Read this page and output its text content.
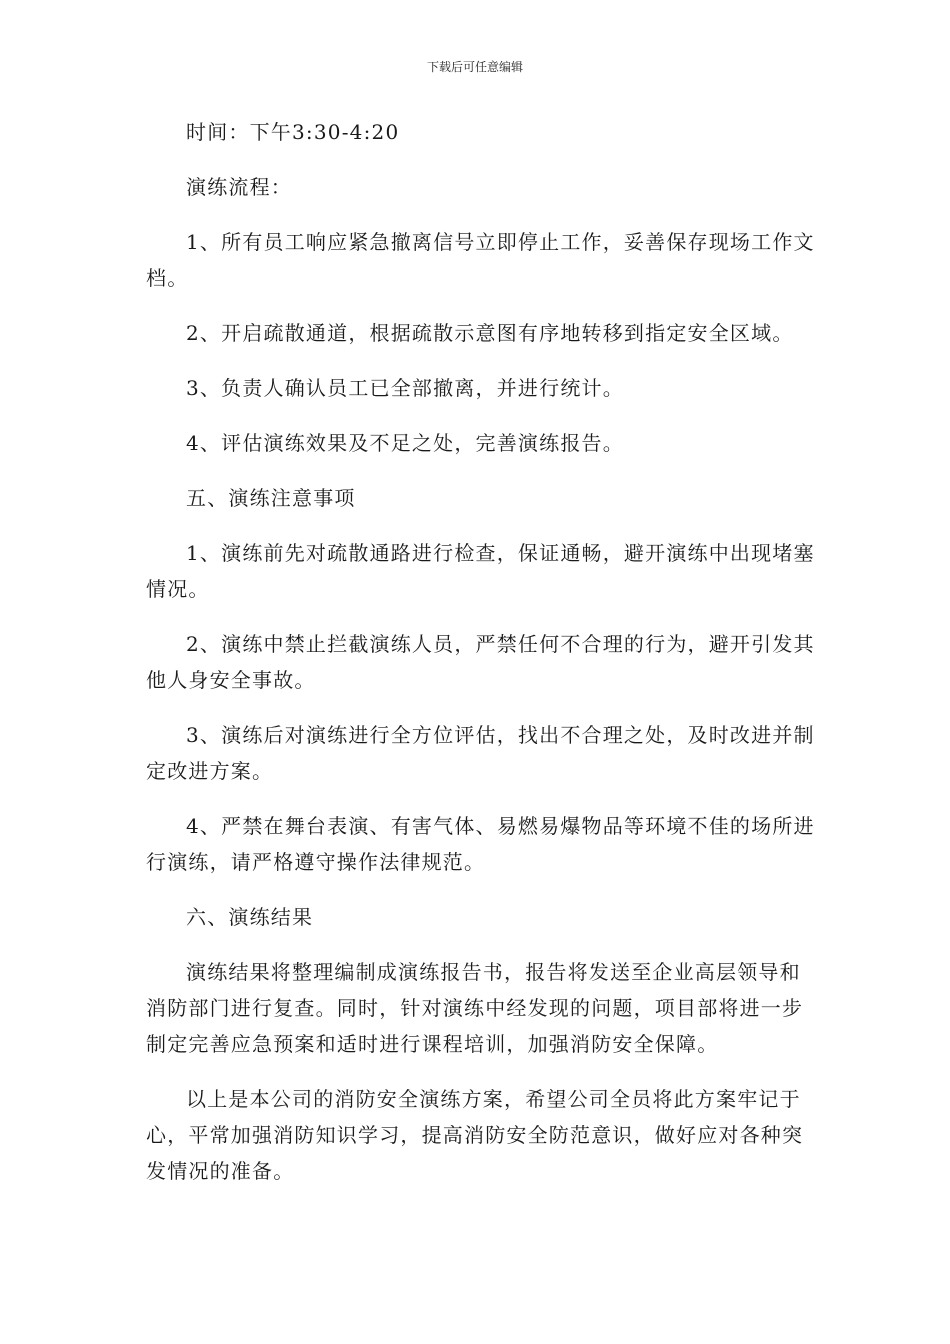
下载后可任意编辑

时间：下午3:30-4:20

演练流程：

1、所有员工响应紧急撤离信号立即停止工作，妥善保存现场工作文档。

2、开启疏散通道，根据疏散示意图有序地转移到指定安全区域。

3、负责人确认员工已全部撤离，并进行统计。

4、评估演练效果及不足之处，完善演练报告。

五、演练注意事项

1、演练前先对疏散通路进行检查，保证通畅，避开演练中出现堵塞情况。

2、演练中禁止拦截演练人员，严禁任何不合理的行为，避开引发其他人身安全事故。

3、演练后对演练进行全方位评估，找出不合理之处，及时改进并制定改进方案。

4、严禁在舞台表演、有害气体、易燃易爆物品等环境不佳的场所进行演练，请严格遵守操作法律规范。

六、演练结果

演练结果将整理编制成演练报告书，报告将发送至企业高层领导和消防部门进行复查。同时，针对演练中经发现的问题，项目部将进一步制定完善应急预案和适时进行课程培训，加强消防安全保障。

以上是本公司的消防安全演练方案，希望公司全员将此方案牢记于心，平常加强消防知识学习，提高消防安全防范意识，做好应对各种突发情况的准备。
